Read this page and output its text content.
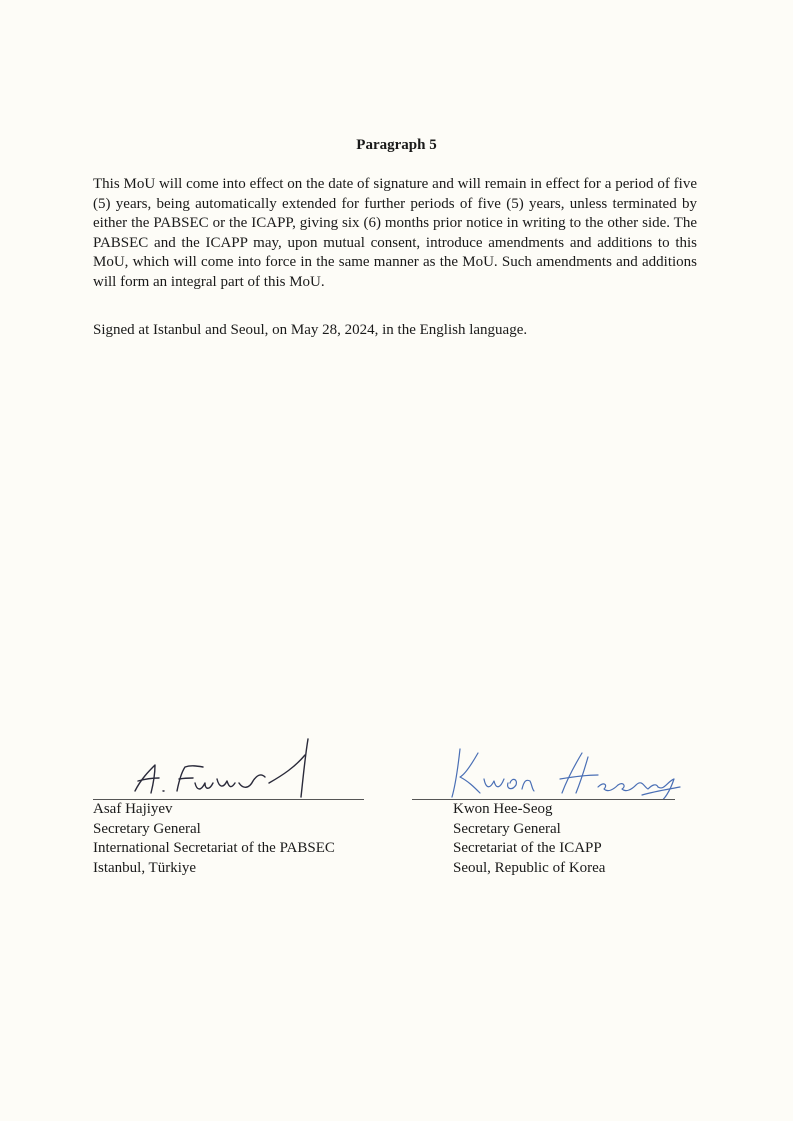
Paragraph 5

This MoU will come into effect on the date of signature and will remain in effect for a period of five (5) years, being automatically extended for further periods of five (5) years, unless terminated by either the PABSEC or the ICAPP, giving six (6) months prior notice in writing to the other side. The PABSEC and the ICAPP may, upon mutual consent, introduce amendments and additions to this MoU, which will come into force in the same manner as the MoU. Such amendments and additions will form an integral part of this MoU.

Signed at Istanbul and Seoul, on May 28, 2024, in the English language.

Asaf Hajiyev
Secretary General
International Secretariat of the PABSEC
Istanbul, Türkiye
Kwon Hee-Seog
Secretary General
Secretariat of the ICAPP
Seoul, Republic of Korea
